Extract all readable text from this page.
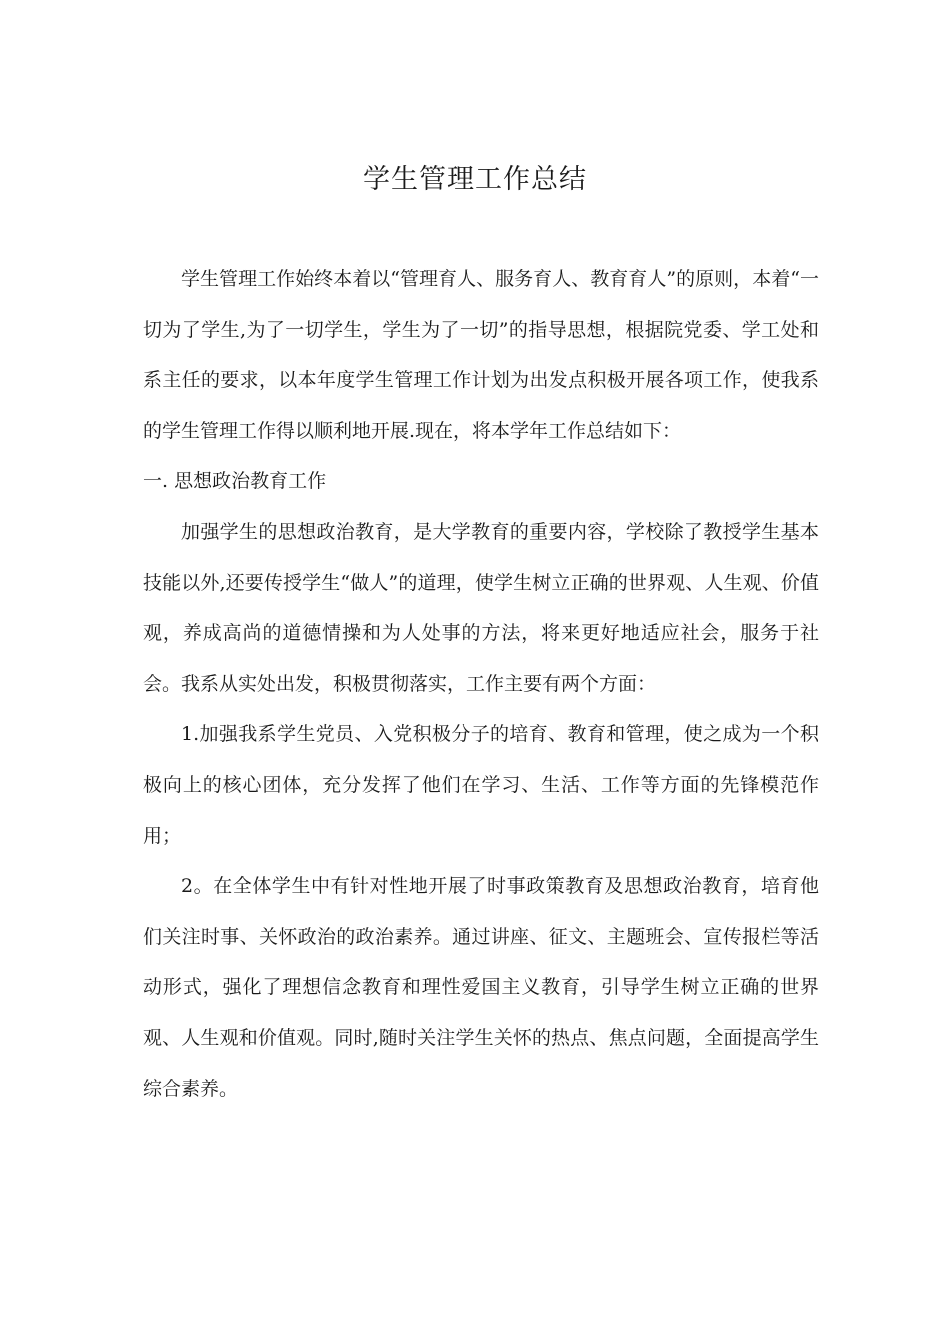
学生管理工作总结

学生管理工作始终本着以“管理育人、服务育人、教育育人”的原则，本着“一切为了学生,为了一切学生，学生为了一切”的指导思想，根据院党委、学工处和系主任的要求，以本年度学生管理工作计划为出发点积极开展各项工作，使我系的学生管理工作得以顺利地开展.现在，将本学年工作总结如下：

一. 思想政治教育工作

加强学生的思想政治教育，是大学教育的重要内容，学校除了教授学生基本技能以外,还要传授学生“做人”的道理，使学生树立正确的世界观、人生观、价值观，养成高尚的道德情操和为人处事的方法，将来更好地适应社会，服务于社会。我系从实处出发，积极贯彻落实，工作主要有两个方面：

1.加强我系学生党员、入党积极分子的培育、教育和管理，使之成为一个积极向上的核心团体，充分发挥了他们在学习、生活、工作等方面的先锋模范作用；

2。在全体学生中有针对性地开展了时事政策教育及思想政治教育，培育他们关注时事、关怀政治的政治素养。通过讲座、征文、主题班会、宣传报栏等活动形式，强化了理想信念教育和理性爱国主义教育，引导学生树立正确的世界观、人生观和价值观。同时,随时关注学生关怀的热点、焦点问题，全面提高学生综合素养。
